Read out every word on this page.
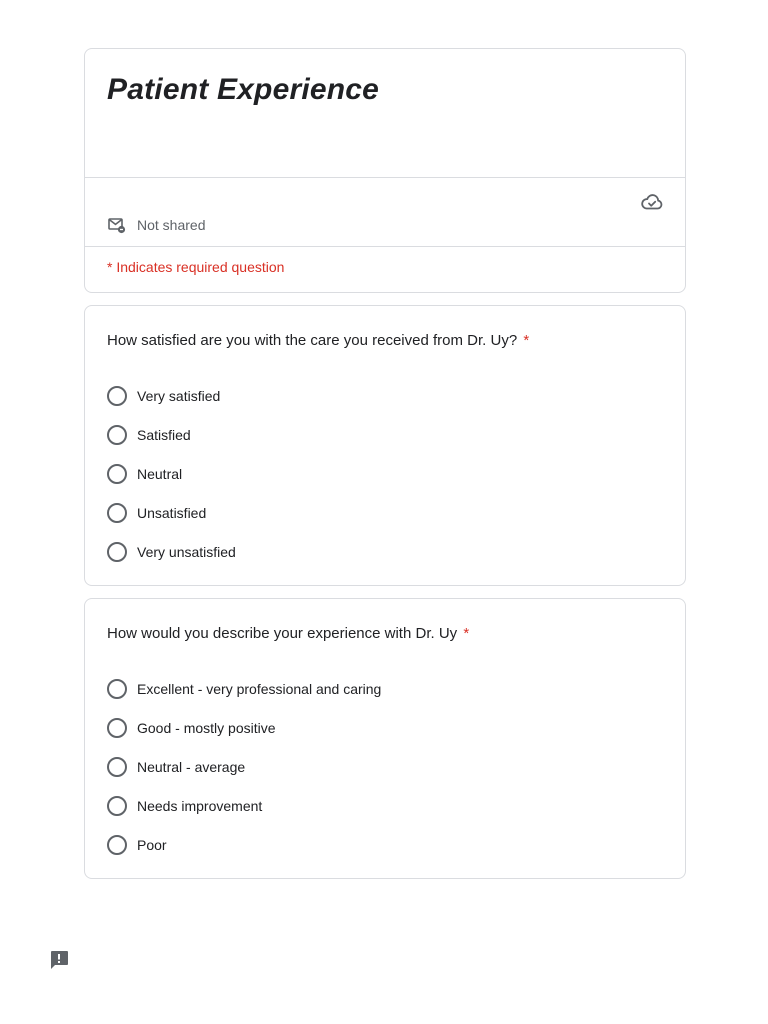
Patient Experience
Not shared
* Indicates required question
How satisfied are you with the care you received from Dr. Uy? *
Very satisfied
Satisfied
Neutral
Unsatisfied
Very unsatisfied
How would you describe your experience with Dr. Uy *
Excellent - very professional and caring
Good - mostly positive
Neutral - average
Needs improvement
Poor
